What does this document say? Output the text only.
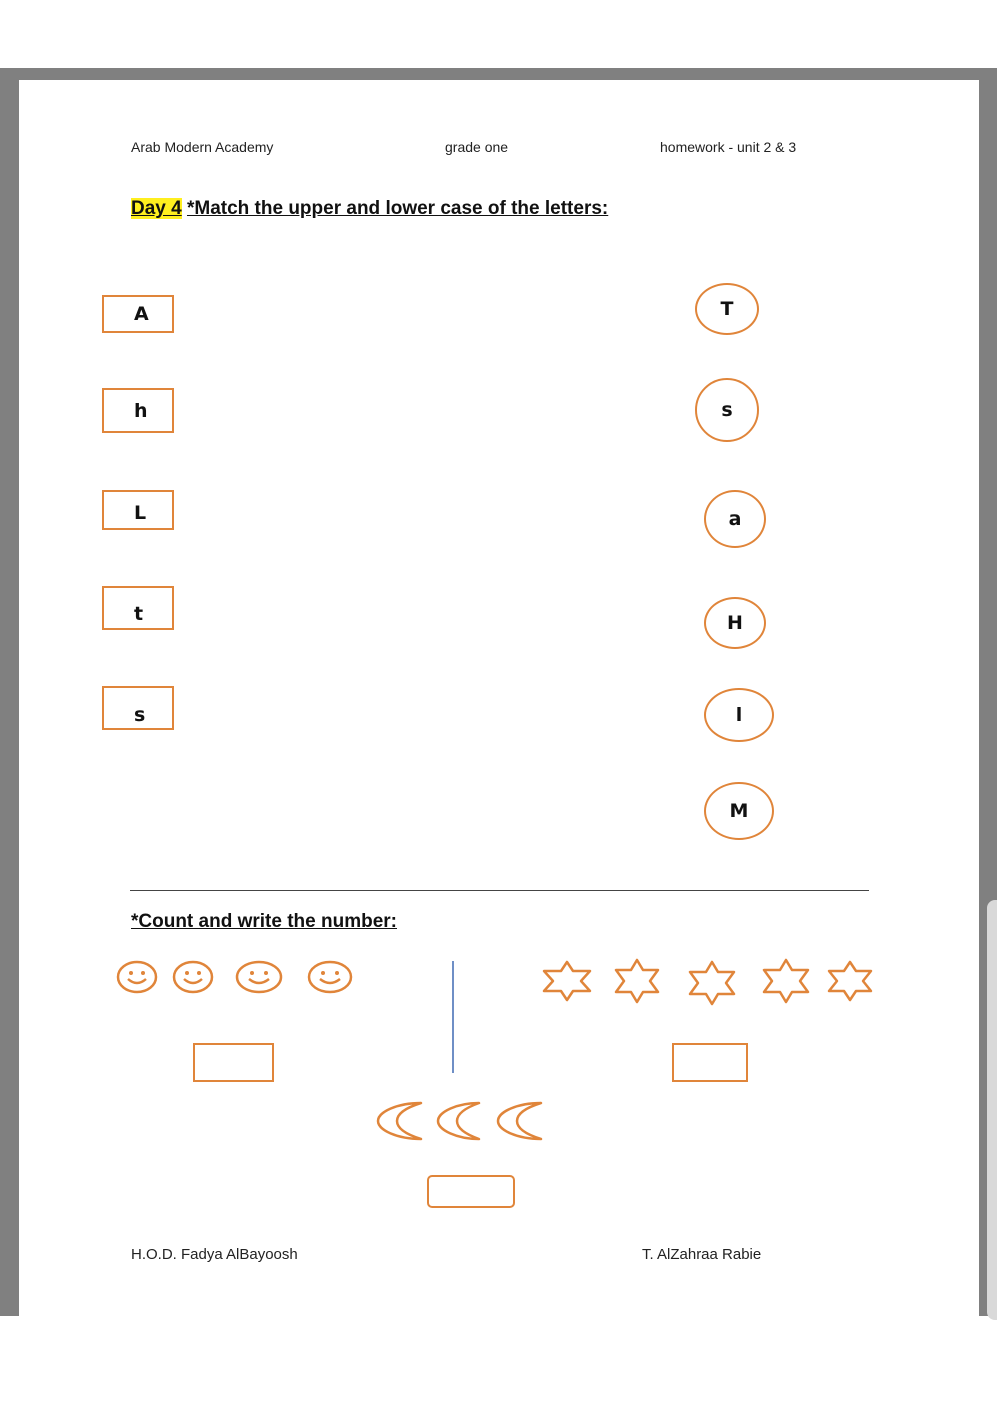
Arab Modern Academy	grade one	homework - unit 2 & 3
Day 4 *Match the upper and lower case of the letters:
A
h
L
t
s
T
s
a
H
l
M
*Count and write the number:
H.O.D. Fadya AlBayoosh	T. AlZahraa Rabie
